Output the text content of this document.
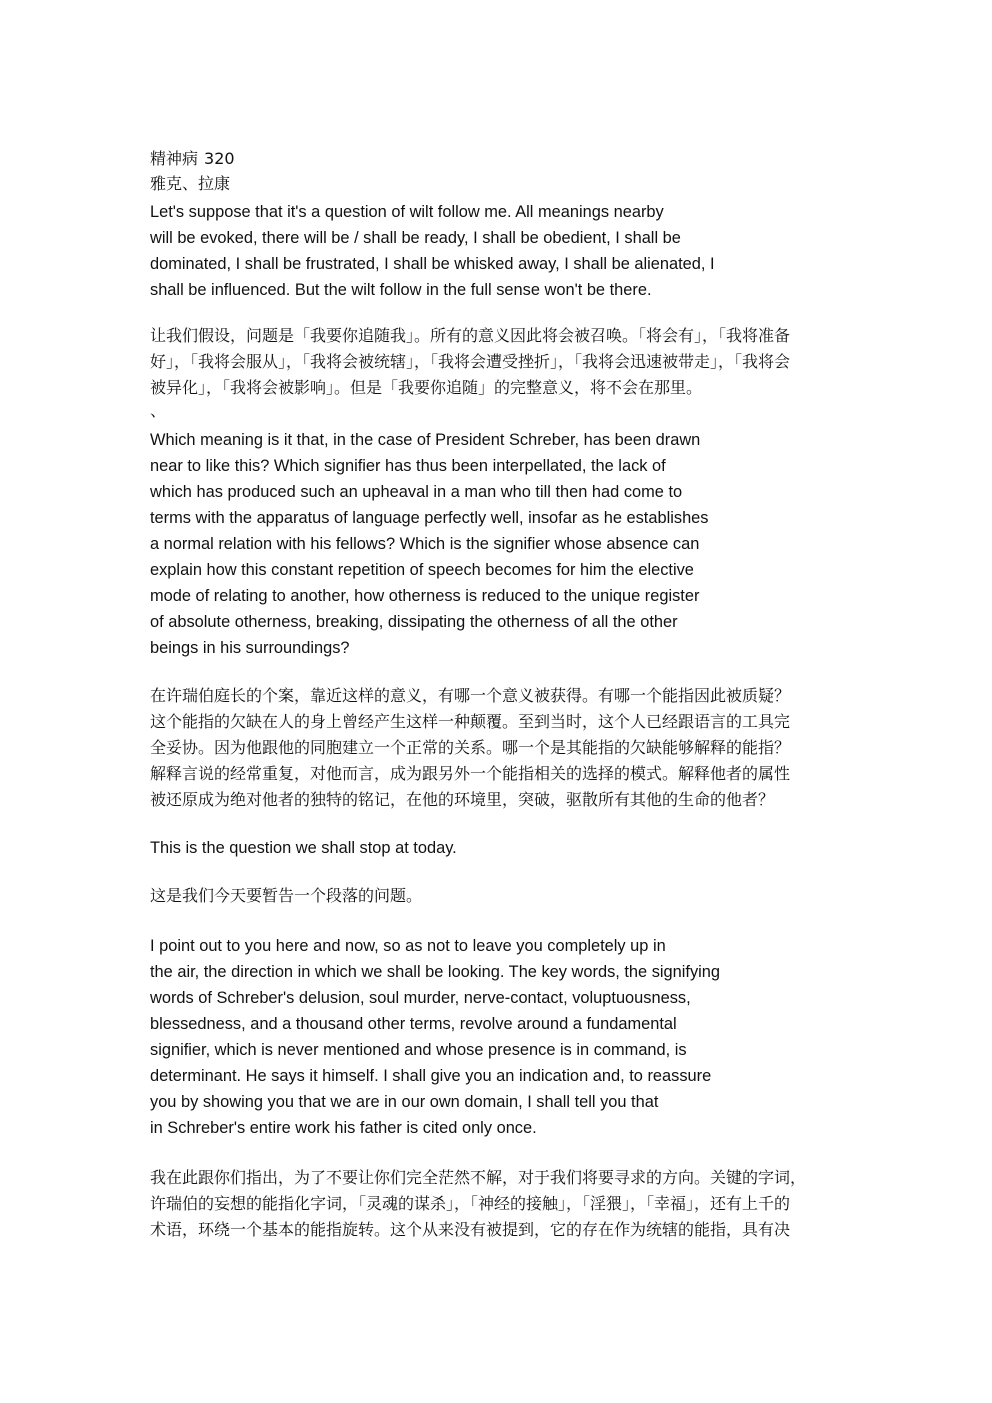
精神病 320
雅克、拉康

Let's suppose that it's a question of wilt follow me. All meanings nearby
will be evoked, there will be / shall be ready, I shall be obedient, I shall be
dominated, I shall be frustrated, I shall be whisked away, I shall be alienated, I
shall be influenced. But the wilt follow in the full sense won't be there.

让我们假设，问题是「我要你追随我」。所有的意义因此将会被召唤。「将会有」，「我将准备
好」，「我将会服从」，「我将会被统辖」，「我将会遭受挫折」，「我将会迅速被带走」，「我将会
被异化」，「我将会被影响」。但是「我要你追随」的完整意义，将不会在那里。

、

Which meaning is it that, in the case of President Schreber, has been drawn
near to like this? Which signifier has thus been interpellated, the lack of
which has produced such an upheaval in a man who till then had come to
terms with the apparatus of language perfectly well, insofar as he establishes
a normal relation with his fellows? Which is the signifier whose absence can
explain how this constant repetition of speech becomes for him the elective
mode of relating to another, how otherness is reduced to the unique register
of absolute otherness, breaking, dissipating the otherness of all the other
beings in his surroundings?

在许瑞伯庭长的个案，靠近这样的意义，有哪一个意义被获得。有哪一个能指因此被质疑？
这个能指的欠缺在人的身上曾经产生这样一种颠覆。至到当时，这个人已经跟语言的工具完
全妥协。因为他跟他的同胞建立一个正常的关系。哪一个是其能指的欠缺能够解释的能指？
解释言说的经常重复，对他而言，成为跟另外一个能指相关的选择的模式。解释他者的属性
被还原成为绝对他者的独特的铭记，在他的环境里，突破，驱散所有其他的生命的他者？

This is the question we shall stop at today.

这是我们今天要暂告一个段落的问题。

I point out to you here and now, so as not to leave you completely up in
the air, the direction in which we shall be looking. The key words, the signifying
words of Schreber's delusion, soul murder, nerve-contact, voluptuousness,
blessedness, and a thousand other terms, revolve around a fundamental
signifier, which is never mentioned and whose presence is in command, is
determinant. He says it himself. I shall give you an indication and, to reassure
you by showing you that we are in our own domain, I shall tell you that
in Schreber's entire work his father is cited only once.

我在此跟你们指出，为了不要让你们完全茫然不解，对于我们将要寻求的方向。关键的字词，
许瑞伯的妄想的能指化字词，「灵魂的谋杀」，「神经的接触」，「淫猥」，「幸福」，还有上千的
术语，环绕一个基本的能指旋转。这个从来没有被提到，它的存在作为统辖的能指，具有决
